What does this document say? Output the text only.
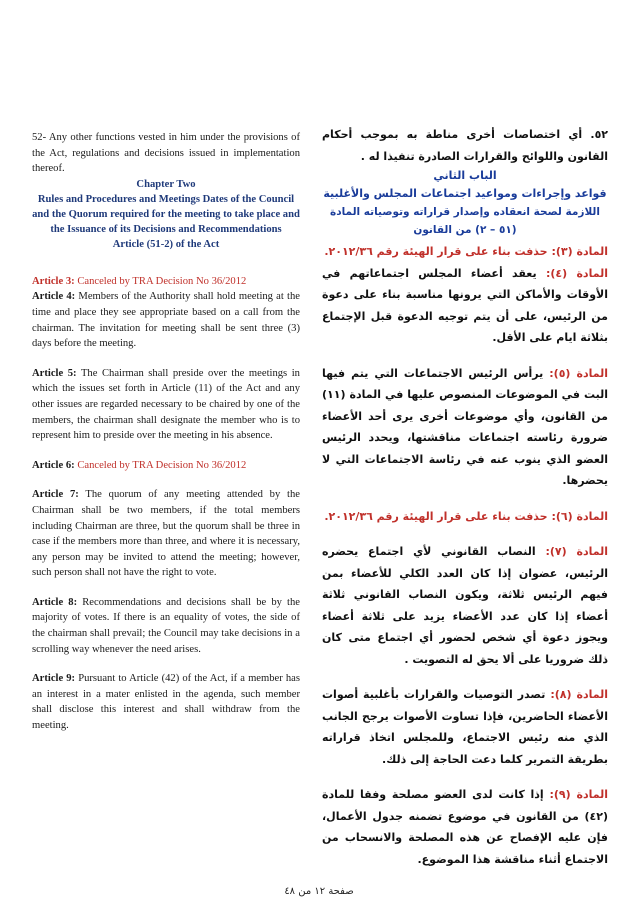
52- Any other functions vested in him under the provisions of the Act, regulations and decisions issued in implementation thereof.

Chapter Two

Rules and Procedures and Meetings Dates of the Council and the Quorum required for the meeting to take place and the Issuance of its Decisions and Recommendations

Article (51-2) of the Act

Article 3: Canceled by TRA Decision No 36/2012

Article 4: Members of the Authority shall hold meeting at the time and place they see appropriate based on a call from the chairman. The invitation for meeting shall be sent three (3) days before the meeting.

Article 5: The Chairman shall preside over the meetings in which the issues set forth in Article (11) of the Act and any other issues are regarded necessary to be chaired by one of the members, the chairman shall designate the member who is to represent him to preside over the meeting in his absence.

Article 6: Canceled by TRA Decision No 36/2012

Article 7: The quorum of any meeting attended by the Chairman shall be two members, if the total members including Chairman are three, but the quorum shall be three in case if the members more than three, and where it is necessary, any person may be invited to attend the meeting; however, such person shall not have the right to vote.

Article 8: Recommendations and decisions shall be by the majority of votes. If there is an equality of votes, the side of the chairman shall prevail; the Council may take decisions in a scrolling way whenever the need arises.

Article 9: Pursuant to Article (42) of the Act, if a member has an interest in a mater enlisted in the agenda, such member shall disclose this interest and shall withdraw from the meeting.

٥٢. أي اختصاصات أخرى مناطة به بموجب أحكام القانون واللوائح والقرارات الصادرة تنفيذا له .

الباب الثاني

قواعد وإجراءات ومواعيد اجتماعات المجلس والأغلبية

اللازمة لصحة انعقاده وإصدار قراراته وتوصياته المادة (٥١ – ٢) من القانون

المادة (٣): حذفت بناء على قرار الهيئة رقم ٢٠١٢/٣٦.

المادة (٤): يعقد أعضاء المجلس اجتماعاتهم في الأوقات والأماكن التي يرونها مناسبة بناء على دعوة من الرئيس، على أن يتم توجيه الدعوة قبل الإجتماع بثلاثة ايام على الأقل.

المادة (٥): يرأس الرئيس الاجتماعات التي يتم فيها البت في الموضوعات المنصوص عليها في المادة (١١) من القانون، وأي موضوعات أخرى يرى أحد الأعضاء ضرورة رئاسته اجتماعات مناقشتها، ويحدد الرئيس العضو الذي ينوب عنه في رئاسة الاجتماعات التي لا يحضرها.

المادة (٦): حذفت بناء على قرار الهيئة رقم ٢٠١٢/٣٦.

المادة (٧): النصاب القانوني لأي اجتماع يحضره الرئيس، عضوان إذا كان العدد الكلي للأعضاء بمن فيهم الرئيس ثلاثة، ويكون النصاب القانوني ثلاثة أعضاء إذا كان عدد الأعضاء يزيد على ثلاثة أعضاء ويجوز دعوة أي شخص لحضور أي اجتماع متى كان ذلك ضروريا على ألا يحق له التصويت .

المادة (٨): تصدر التوصيات والقرارات بأغلبية أصوات الأعضاء الحاضرين، فإذا تساوت الأصوات يرجح الجانب الذي منه رئيس الاجتماع، وللمجلس اتخاذ قراراته بطريقة التمرير كلما دعت الحاجة إلى ذلك.

المادة (٩): إذا كانت لدى العضو مصلحة وفقا للمادة (٤٢) من القانون في موضوع تضمنه جدول الأعمال، فإن عليه الإفصاح عن هذه المصلحة والانسحاب من الاجتماع أثناء مناقشة هذا الموضوع.

صفحة ١٢ من ٤٨
